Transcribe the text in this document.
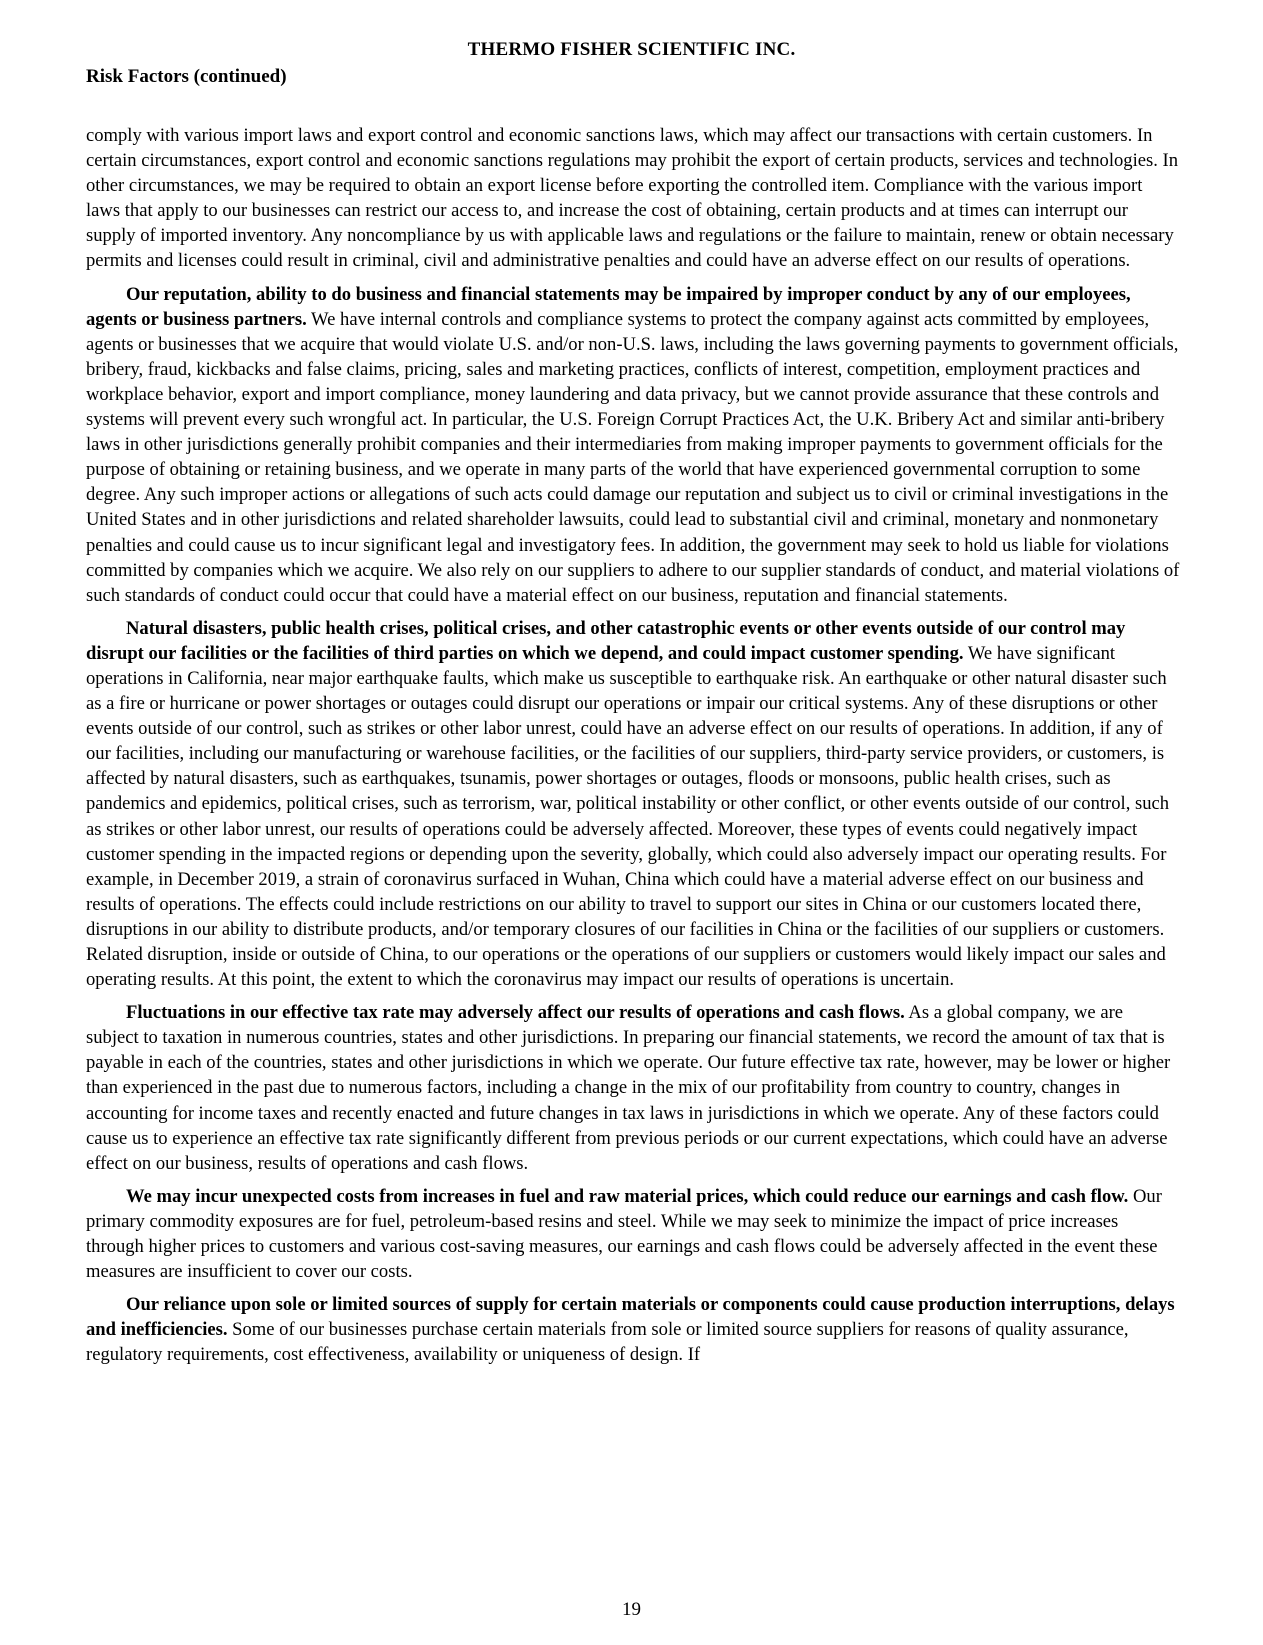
THERMO FISHER SCIENTIFIC INC.
Risk Factors (continued)

comply with various import laws and export control and economic sanctions laws, which may affect our transactions with certain customers. In certain circumstances, export control and economic sanctions regulations may prohibit the export of certain products, services and technologies. In other circumstances, we may be required to obtain an export license before exporting the controlled item. Compliance with the various import laws that apply to our businesses can restrict our access to, and increase the cost of obtaining, certain products and at times can interrupt our supply of imported inventory. Any noncompliance by us with applicable laws and regulations or the failure to maintain, renew or obtain necessary permits and licenses could result in criminal, civil and administrative penalties and could have an adverse effect on our results of operations.

Our reputation, ability to do business and financial statements may be impaired by improper conduct by any of our employees, agents or business partners. We have internal controls and compliance systems to protect the company against acts committed by employees, agents or businesses that we acquire that would violate U.S. and/or non-U.S. laws, including the laws governing payments to government officials, bribery, fraud, kickbacks and false claims, pricing, sales and marketing practices, conflicts of interest, competition, employment practices and workplace behavior, export and import compliance, money laundering and data privacy, but we cannot provide assurance that these controls and systems will prevent every such wrongful act. In particular, the U.S. Foreign Corrupt Practices Act, the U.K. Bribery Act and similar anti-bribery laws in other jurisdictions generally prohibit companies and their intermediaries from making improper payments to government officials for the purpose of obtaining or retaining business, and we operate in many parts of the world that have experienced governmental corruption to some degree. Any such improper actions or allegations of such acts could damage our reputation and subject us to civil or criminal investigations in the United States and in other jurisdictions and related shareholder lawsuits, could lead to substantial civil and criminal, monetary and nonmonetary penalties and could cause us to incur significant legal and investigatory fees. In addition, the government may seek to hold us liable for violations committed by companies which we acquire. We also rely on our suppliers to adhere to our supplier standards of conduct, and material violations of such standards of conduct could occur that could have a material effect on our business, reputation and financial statements.

Natural disasters, public health crises, political crises, and other catastrophic events or other events outside of our control may disrupt our facilities or the facilities of third parties on which we depend, and could impact customer spending. We have significant operations in California, near major earthquake faults, which make us susceptible to earthquake risk. An earthquake or other natural disaster such as a fire or hurricane or power shortages or outages could disrupt our operations or impair our critical systems. Any of these disruptions or other events outside of our control, such as strikes or other labor unrest, could have an adverse effect on our results of operations. In addition, if any of our facilities, including our manufacturing or warehouse facilities, or the facilities of our suppliers, third-party service providers, or customers, is affected by natural disasters, such as earthquakes, tsunamis, power shortages or outages, floods or monsoons, public health crises, such as pandemics and epidemics, political crises, such as terrorism, war, political instability or other conflict, or other events outside of our control, such as strikes or other labor unrest, our results of operations could be adversely affected. Moreover, these types of events could negatively impact customer spending in the impacted regions or depending upon the severity, globally, which could also adversely impact our operating results. For example, in December 2019, a strain of coronavirus surfaced in Wuhan, China which could have a material adverse effect on our business and results of operations. The effects could include restrictions on our ability to travel to support our sites in China or our customers located there, disruptions in our ability to distribute products, and/or temporary closures of our facilities in China or the facilities of our suppliers or customers. Related disruption, inside or outside of China, to our operations or the operations of our suppliers or customers would likely impact our sales and operating results. At this point, the extent to which the coronavirus may impact our results of operations is uncertain.

Fluctuations in our effective tax rate may adversely affect our results of operations and cash flows. As a global company, we are subject to taxation in numerous countries, states and other jurisdictions. In preparing our financial statements, we record the amount of tax that is payable in each of the countries, states and other jurisdictions in which we operate. Our future effective tax rate, however, may be lower or higher than experienced in the past due to numerous factors, including a change in the mix of our profitability from country to country, changes in accounting for income taxes and recently enacted and future changes in tax laws in jurisdictions in which we operate. Any of these factors could cause us to experience an effective tax rate significantly different from previous periods or our current expectations, which could have an adverse effect on our business, results of operations and cash flows.

We may incur unexpected costs from increases in fuel and raw material prices, which could reduce our earnings and cash flow. Our primary commodity exposures are for fuel, petroleum-based resins and steel. While we may seek to minimize the impact of price increases through higher prices to customers and various cost-saving measures, our earnings and cash flows could be adversely affected in the event these measures are insufficient to cover our costs.

Our reliance upon sole or limited sources of supply for certain materials or components could cause production interruptions, delays and inefficiencies. Some of our businesses purchase certain materials from sole or limited source suppliers for reasons of quality assurance, regulatory requirements, cost effectiveness, availability or uniqueness of design. If

19
